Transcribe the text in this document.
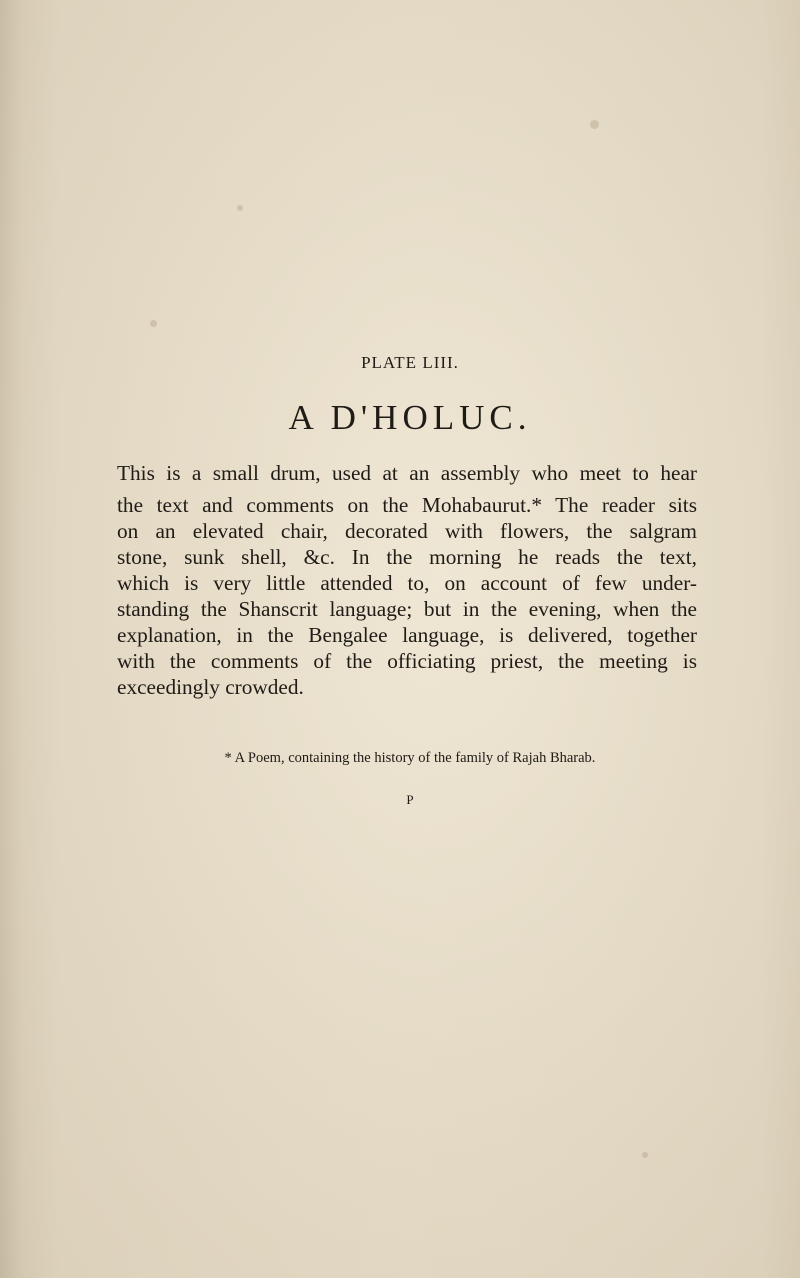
PLATE LIII.
A D'HOLUC.
This is a small drum, used at an assembly who meet to hear
the text and comments on the Mohabaurut.* The reader sits
on an elevated chair, decorated with flowers, the salgram
stone, sunk shell, &c. In the morning he reads the text,
which is very little attended to, on account of few under-
standing the Shanscrit language; but in the evening, when the
explanation, in the Bengalee language, is delivered, together
with the comments of the officiating priest, the meeting is
exceedingly crowded.
* A Poem, containing the history of the family of Rajah Bharab.
P
